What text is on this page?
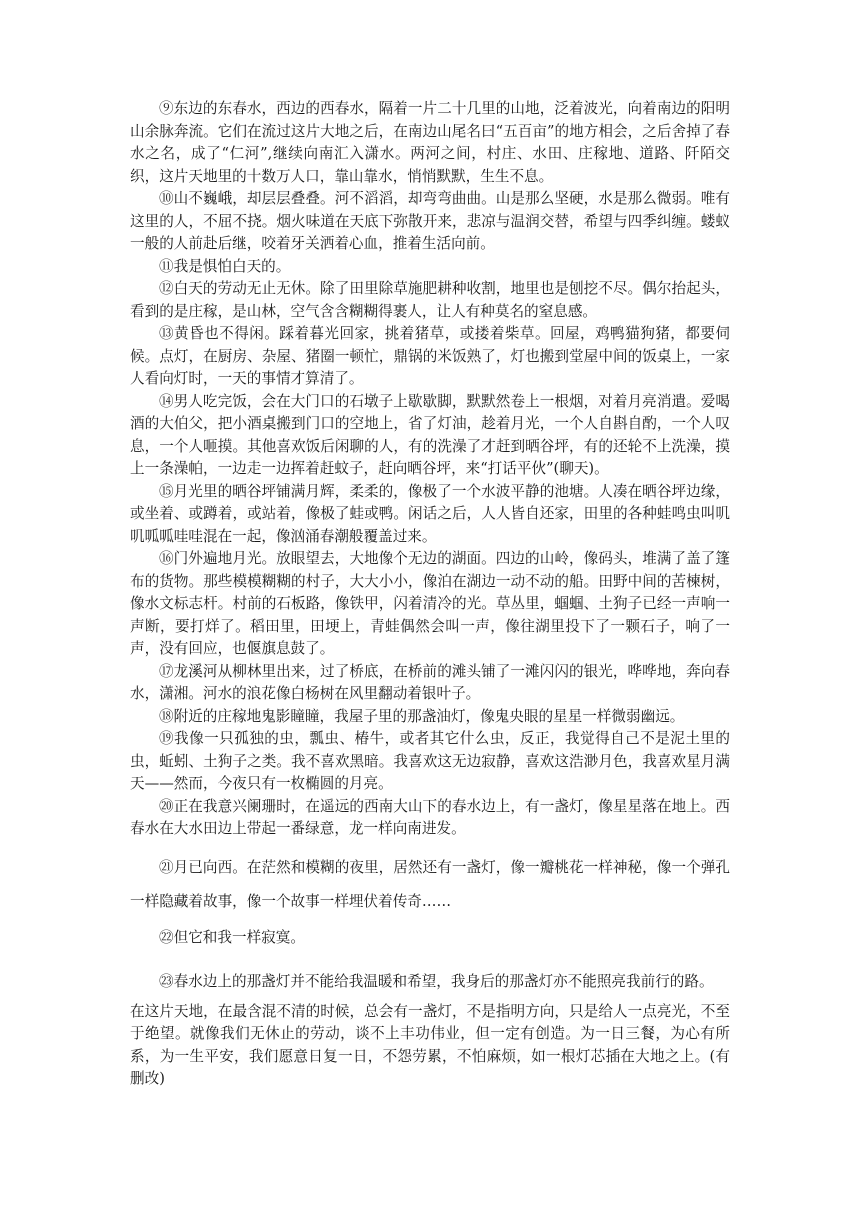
⑨东边的东春水，西边的西春水，隔着一片二十几里的山地，泛着波光，向着南边的阳明山余脉奔流。它们在流过这片大地之后，在南边山尾名曰“五百亩”的地方相会，之后舍掉了春水之名，成了“仁河”,继续向南汇入潇水。两河之间，村庄、水田、庄稼地、道路、阡陌交织，这片天地里的十数万人口，靠山靠水，悄悄默默，生生不息。

⑩山不巍峨，却层层叠叠。河不滔滔，却弯弯曲曲。山是那么坚硬，水是那么微弱。唯有这里的人，不屈不挠。烟火味道在天底下弥散开来，悲凉与温润交替，希望与四季纠缠。蝼蚁一般的人前赴后继，咬着牙关洒着心血，推着生活向前。

⑪我是惧怕白天的。

⑫白天的劳动无止无休。除了田里除草施肥耕种收割，地里也是刨挖不尽。偶尔抬起头，看到的是庄稼，是山林，空气含含糊糊得裹人，让人有种莫名的窒息感。

⑬黄昏也不得闲。踩着暮光回家，挑着猪草，或搂着柴草。回屋，鸡鸭猫狗猪，都要伺候。点灯，在厨房、杂屋、猪圈一顿忙，鼎锅的米饭熟了，灯也搬到堂屋中间的饭桌上，一家人看向灯时，一天的事情才算清了。

⑭男人吃完饭，会在大门口的石墩子上歇歇脚，默默然卷上一根烟，对着月亮消遣。爱喝酒的大伯父，把小酒桌搬到门口的空地上，省了灯油，趁着月光，一个人自斟自酌，一个人叹息，一个人咂摸。其他喜欢饭后闲聊的人，有的洗澡了才赶到晒谷坪，有的还轮不上洗澡，摸上一条澡帕，一边走一边挥着赶蚊子，赶向晒谷坪，来“打话平伙”(聊天)。

⑮月光里的晒谷坪铺满月辉，柔柔的，像极了一个水波平静的池塘。人凑在晒谷坪边缘，或坐着、或蹲着，或站着，像极了蛙或鸭。闲话之后，人人皆自还家，田里的各种蛙鸣虫叫叽叽呱呱哇哇混在一起，像汹涌春潮般覆盖过来。

⑯门外遍地月光。放眼望去，大地像个无边的湖面。四边的山岭，像码头，堆满了盖了篷布的货物。那些模模糊糊的村子，大大小小，像泊在湖边一动不动的船。田野中间的苦楝树，像水文标志杆。村前的石板路，像铁甲，闪着清冷的光。草丛里，蝈蝈、土狗子已经一声响一声断，要打烊了。稻田里，田埂上，青蛙偶然会叫一声，像往湖里投下了一颗石子，响了一声，没有回应，也偃旗息鼓了。

⑰龙溪河从柳林里出来，过了桥底，在桥前的滩头铺了一滩闪闪的银光，哗哗地，奔向春水，潇湘。河水的浪花像白杨树在风里翻动着银叶子。

⑱附近的庄稼地鬼影瞳瞳，我屋子里的那盏油灯，像鬼央眼的星星一样微弱幽远。

⑲我像一只孤独的虫，瓢虫、椿牛，或者其它什么虫，反正，我觉得自己不是泥土里的虫，蚯蚓、土狗子之类。我不喜欢黑暗。我喜欢这无边寂静，喜欢这浩渺月色，我喜欢星月满天——然而，今夜只有一枚椭圆的月亮。

⑳正在我意兴阑珊时，在遥远的西南大山下的春水边上，有一盏灯，像星星落在地上。西春水在大水田边上带起一番绿意，龙一样向南进发。

㉑月已向西。在茫然和模糊的夜里，居然还有一盏灯，像一瓣桃花一样神秘，像一个弹孔一样隐藏着故事，像一个故事一样埋伏着传奇……

㉒但它和我一样寂寞。

㉓春水边上的那盏灯并不能给我温暖和希望，我身后的那盏灯亦不能照亮我前行的路。

在这片天地，在最含混不清的时候，总会有一盏灯，不是指明方向，只是给人一点亮光，不至于绝望。就像我们无休止的劳动，谈不上丰功伟业，但一定有创造。为一日三餐，为心有所系，为一生平安，我们愿意日复一日，不怨劳累，不怕麻烦，如一根灯芯插在大地之上。(有删改)
